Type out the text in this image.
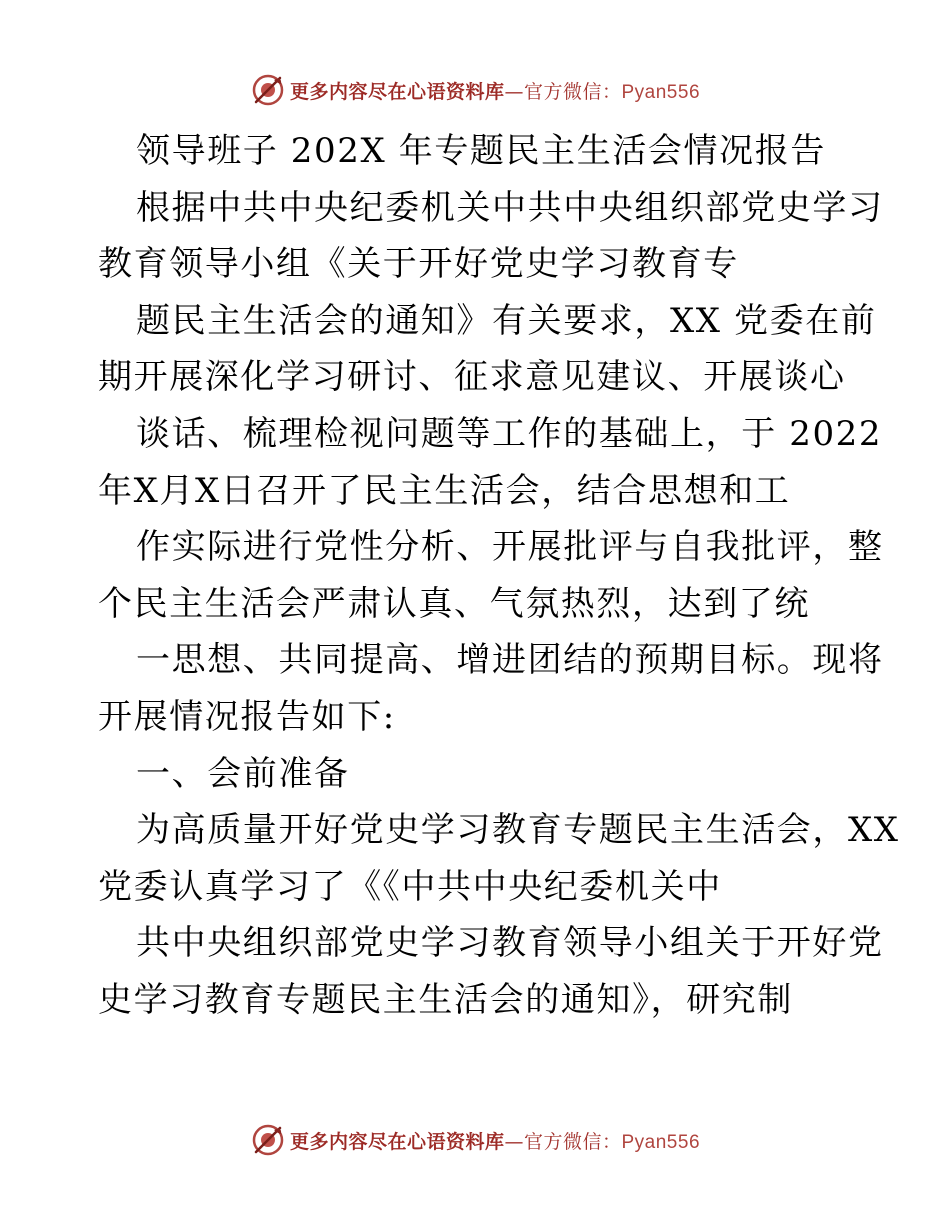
更多内容尽在心语资料库—官方微信：Pyan556
领导班子 202X 年专题民主生活会情况报告
根据中共中央纪委机关中共中央组织部党史学习
教育领导小组《关于开好党史学习教育专
题民主生活会的通知》有关要求，XX 党委在前
期开展深化学习研讨、征求意见建议、开展谈心
谈话、梳理检视问题等工作的基础上，于 2022
年X月X日召开了民主生活会，结合思想和工
作实际进行党性分析、开展批评与自我批评，整
个民主生活会严肃认真、气氛热烈，达到了统
一思想、共同提高、增进团结的预期目标。现将
开展情况报告如下:
一、会前准备
为高质量开好党史学习教育专题民主生活会，XX
党委认真学习了《《中共中央纪委机关中
共中央组织部党史学习教育领导小组关于开好党
史学习教育专题民主生活会的通知》，研究制
更多内容尽在心语资料库—官方微信：Pyan556
